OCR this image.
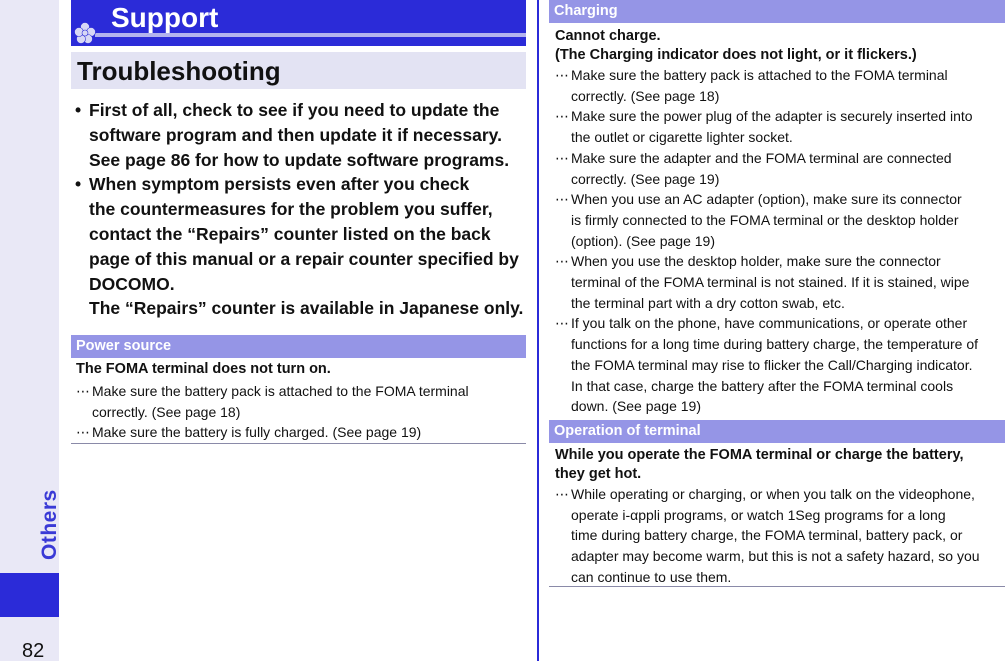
Others
82
Support
Troubleshooting
• First of all, check to see if you need to update the
software program and then update it if necessary.
See page 86 for how to update software programs.
• When symptom persists even after you check
the countermeasures for the problem you suffer,
contact the “Repairs” counter listed on the back
page of this manual or a repair counter specified by
DOCOMO.
The “Repairs” counter is available in Japanese only.
Power source
The FOMA terminal does not turn on.
⋯ Make sure the battery pack is attached to the FOMA terminal
correctly. (See page 18)
⋯ Make sure the battery is fully charged. (See page 19)
Charging
Cannot charge.
(The Charging indicator does not light, or it flickers.)
⋯ Make sure the battery pack is attached to the FOMA terminal
correctly. (See page 18)
⋯ Make sure the power plug of the adapter is securely inserted into
the outlet or cigarette lighter socket.
⋯ Make sure the adapter and the FOMA terminal are connected
correctly. (See page 19)
⋯ When you use an AC adapter (option), make sure its connector
is firmly connected to the FOMA terminal or the desktop holder
(option). (See page 19)
⋯ When you use the desktop holder, make sure the connector
terminal of the FOMA terminal is not stained. If it is stained, wipe
the terminal part with a dry cotton swab, etc.
⋯ If you talk on the phone, have communications, or operate other
functions for a long time during battery charge, the temperature of
the FOMA terminal may rise to flicker the Call/Charging indicator.
In that case, charge the battery after the FOMA terminal cools
down. (See page 19)
Operation of terminal
While you operate the FOMA terminal or charge the battery,
they get hot.
⋯ While operating or charging, or when you talk on the videophone,
operate i-αppli programs, or watch 1Seg programs for a long
time during battery charge, the FOMA terminal, battery pack, or
adapter may become warm, but this is not a safety hazard, so you
can continue to use them.
